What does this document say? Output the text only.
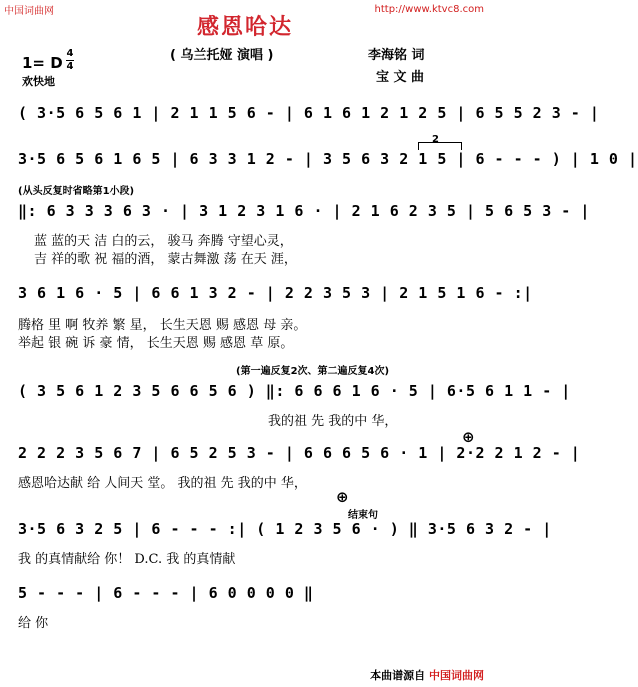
中国词曲网	http://www.ktvc8.com
感恩哈达
( 乌兰托娅 演唱 )	李海铭 词
宝 文 曲
1= D
4
4
欢快地
( 3·5 6 5 6 1 | 2 1 1 5 6 - | 6 1 6 1 2 1 2 5 | 6 5 5 2 3 - |
3·5 6 5 6 1 6 5 | 6 3 3 1 2 - | 3 5 6 3 2 1 5 | 6 - - - ) | 1 0 |
2
(从头反复时省略第1小段)
‖: 6 3 3 3 6 3 · | 3 1 2 3 1 6 · | 2 1 6 2 3 5 | 5 6 5 3 - |
蓝 蓝的天 洁 白的云， 骏马 奔腾 守望心灵，
吉 祥的歌 祝 福的酒， 蒙古舞激 荡 在天 涯，
3 6 1 6 · 5 | 6 6 1 3 2 - | 2 2 3 5 3 | 2 1 5 1 6 - :|
腾格 里 啊 牧养 繁 星， 长生天恩 赐 感恩 母 亲。
举起 银 碗 诉 豪 情， 长生天恩 赐 感恩 草 原。
(第一遍反复2次、第二遍反复4次)
( 3 5 6 1 2 3 5 6 6 5 6 ) ‖: 6 6 6 1 6 · 5 | 6·5 6 1 1 - |
我的祖 先 我的中 华，
2 2 2 3 5 6 7 | 6 5 2 5 3 - | 6 6 6 5 6 · 1 | 2·2 2 1 2 - |
感恩哈达献 给 人间天 堂。 我的祖 先 我的中 华，
⊕
⊕
结束句
3·5 6 3 2 5 | 6 - - - :| ( 1 2 3 5 6 · ) ‖ 3·5 6 3 2 - |
我 的真情献给 你！ D.C. 我 的真情献
5 - - - | 6 - - - | 6 0 0 0 0 ‖
给 你
本曲谱源自 中国词曲网
